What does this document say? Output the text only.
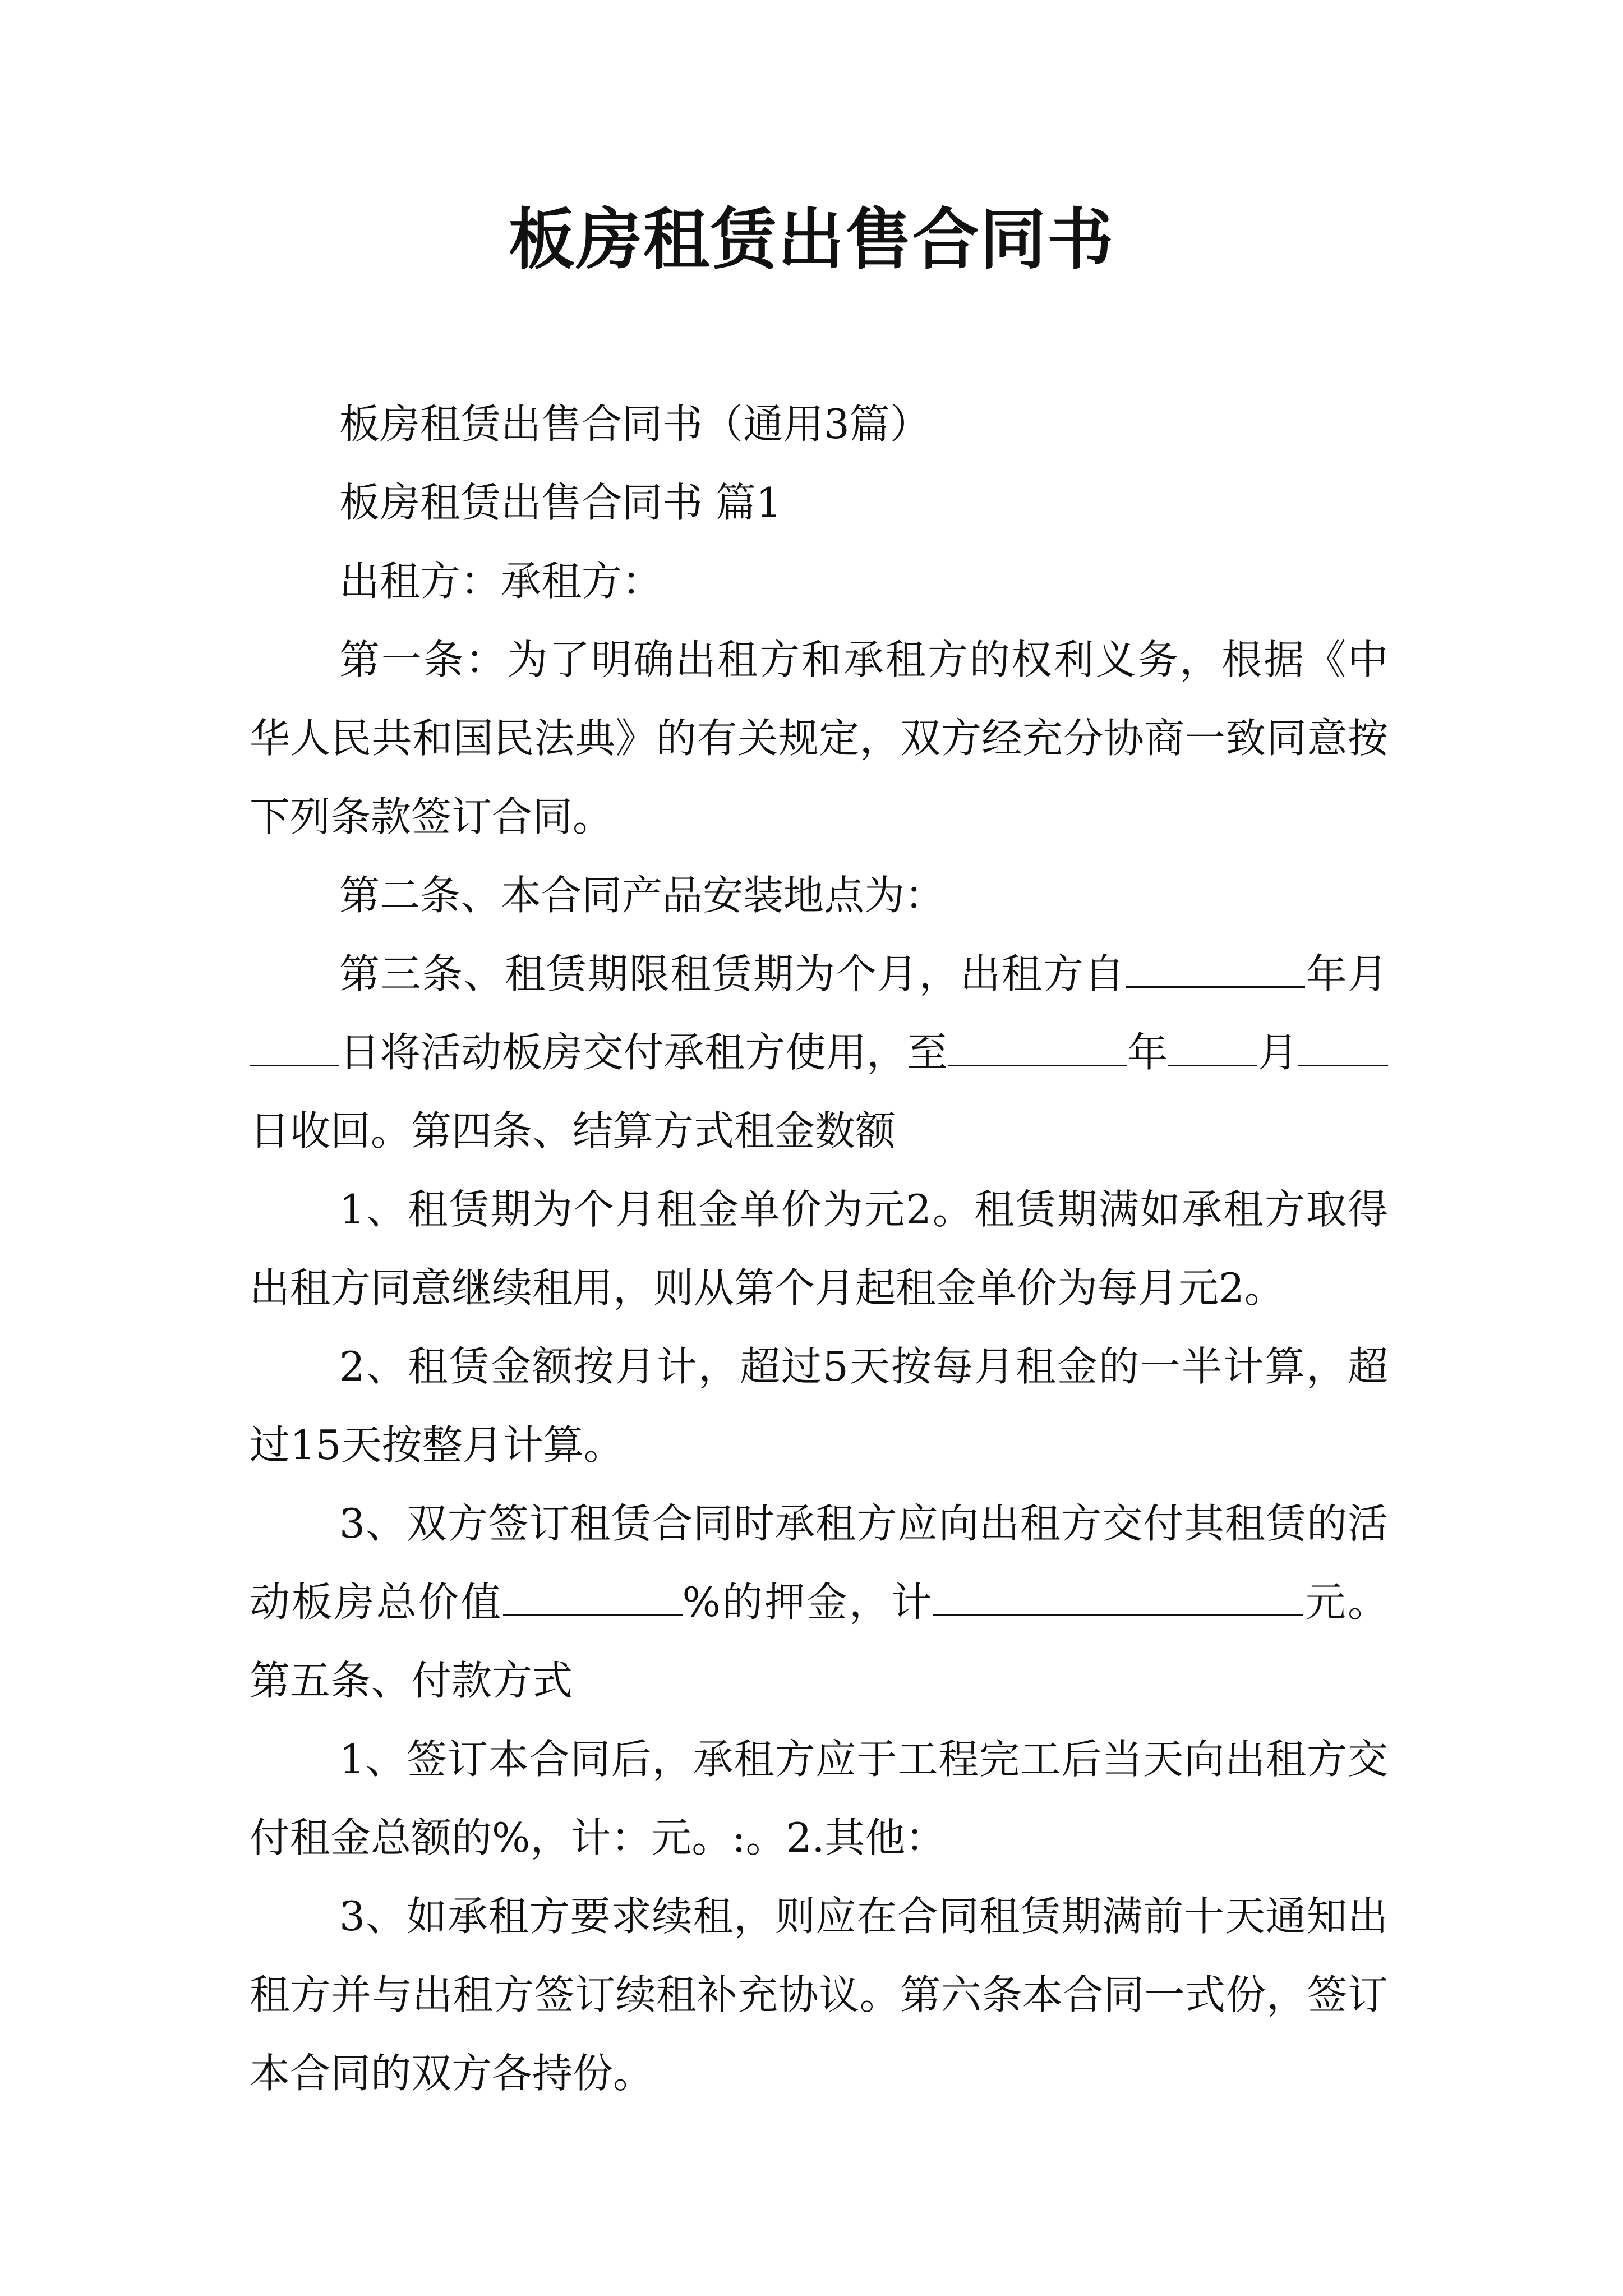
板房租赁出售合同书

板房租赁出售合同书（通用3篇）

板房租赁出售合同书 篇1

出租方：承租方：

第一条：为了明确出租方和承租方的权利义务，根据《中华人民共和国民法典》的有关规定，双方经充分协商一致同意按下列条款签订合同。

第二条、本合同产品安装地点为：

第三条、租赁期限租赁期为个月，出租方自	年月日将活动板房交付承租方使用，至	年 月日收回。第四条、结算方式租金数额

1、租赁期为个月租金单价为元2。租赁期满如承租方取得出租方同意继续租用，则从第个月起租金单价为每月元2。

2、租赁金额按月计，超过5天按每月租金的一半计算，超过15天按整月计算。

3、双方签订租赁合同时承租方应向出租方交付其租赁的活动板房总价值	%的押金，计	元。第五条、付款方式

1、签订本合同后，承租方应于工程完工后当天向出租方交付租金总额的%，计：元。:。2.其他：

3、如承租方要求续租，则应在合同租赁期满前十天通知出租方并与出租方签订续租补充协议。第六条本合同一式份，签订本合同的双方各持份。
